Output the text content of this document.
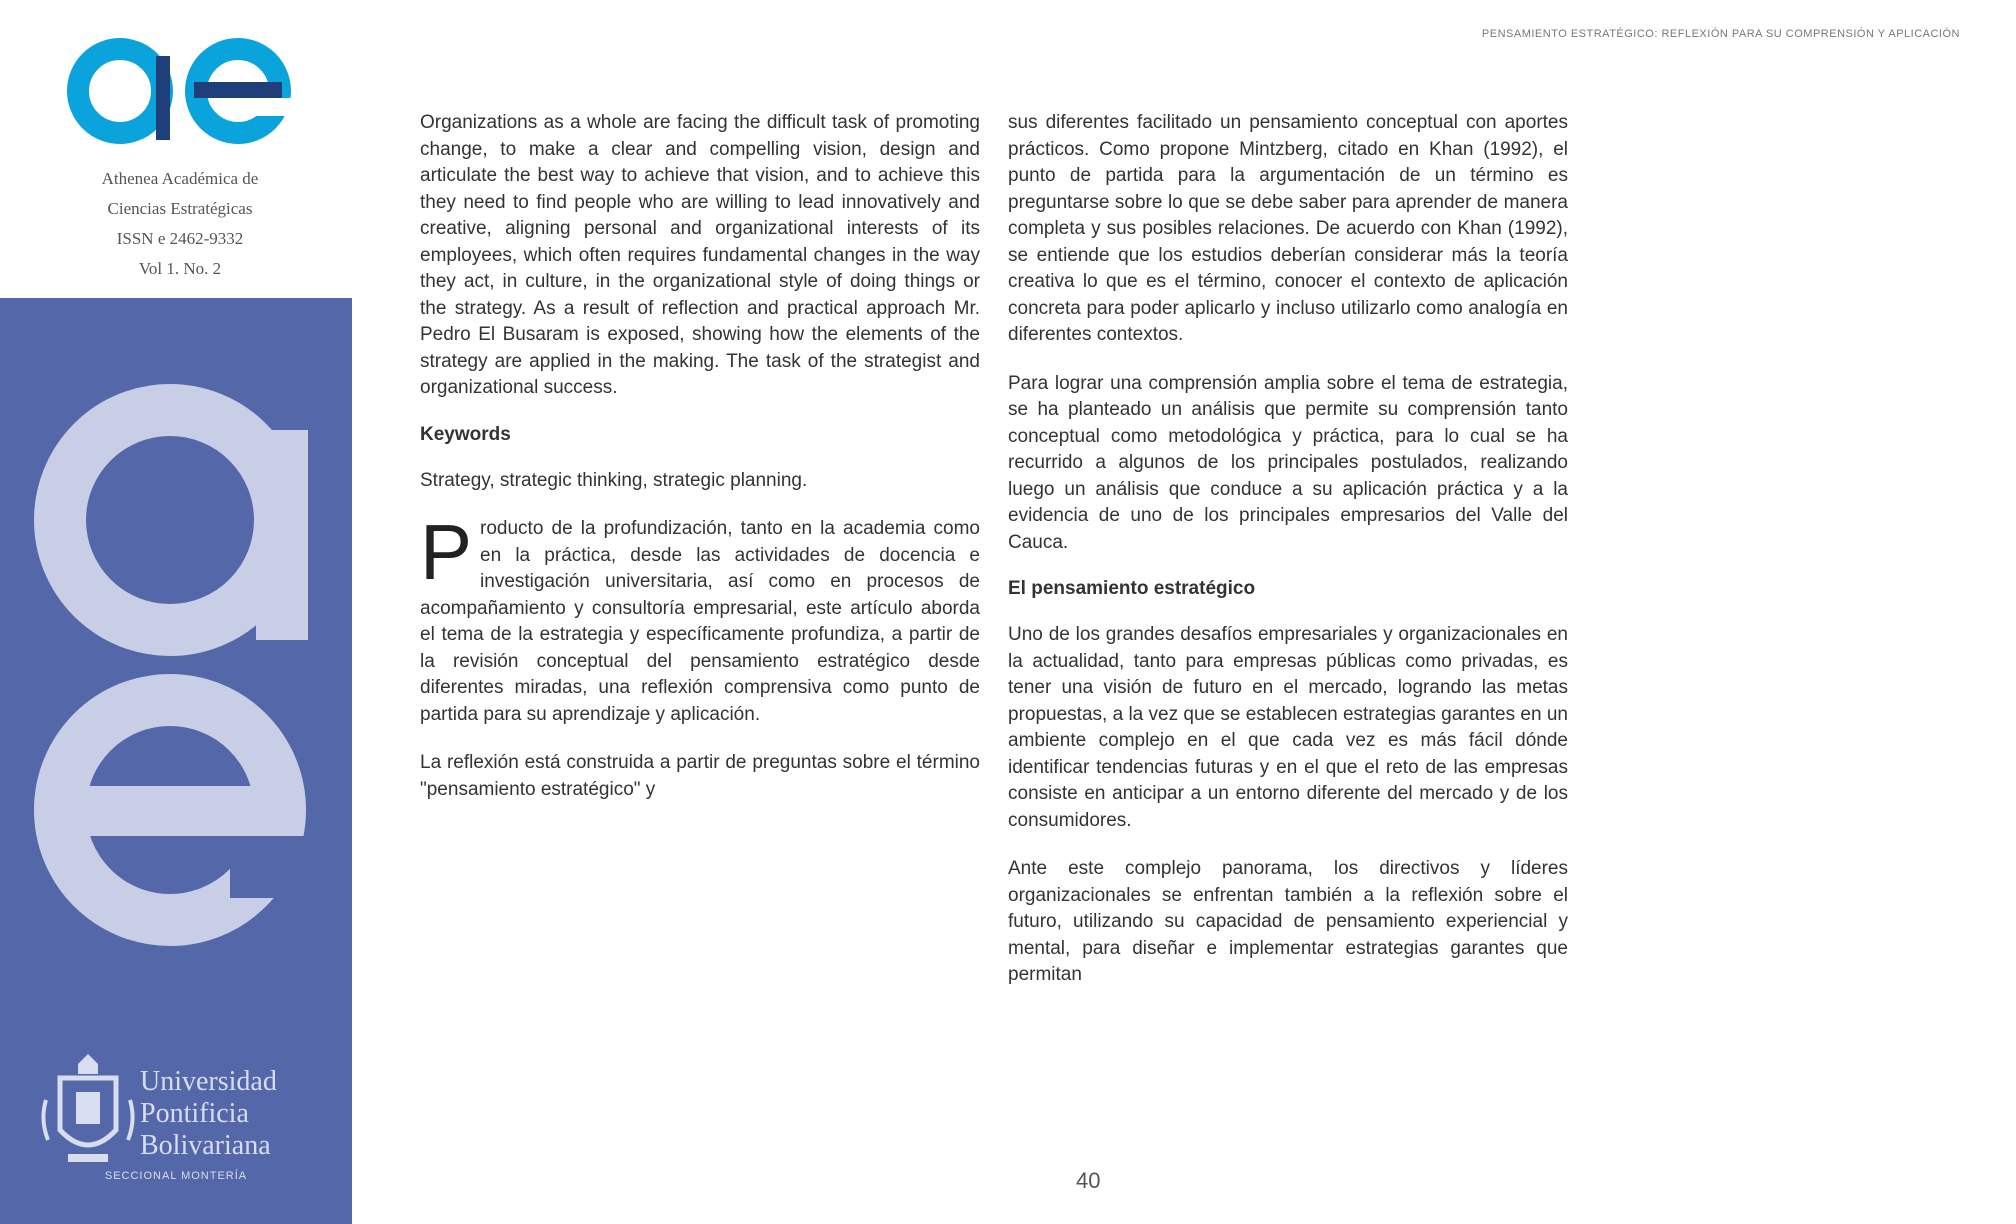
PENSAMIENTO ESTRATÉGICO: REFLEXIÓN PARA SU COMPRENSIÓN Y APLICACIÓN
Athenea Académica de
Ciencias Estratégicas
ISSN e 2462-9332
Vol 1. No. 2
Universidad
Pontificia
Bolivariana
SECCIONAL MONTERÍA

Organizations as a whole are facing the difficult task of promoting change, to make a clear and compelling vision, design and articulate the best way to achieve that vision, and to achieve this they need to find people who are willing to lead innovatively and creative, aligning personal and organizational interests of its employees, which often requires fundamental changes in the way they act, in culture, in the organizational style of doing things or the strategy. As a result of reflection and practical approach Mr. Pedro El Busaram is exposed, showing how the elements of the strategy are applied in the making. The task of the strategist and organizational success.

Keywords

Strategy, strategic thinking, strategic planning.

P roducto de la profundización, tanto en la academia como en la práctica, desde las actividades de docencia e investigación universitaria, así como en procesos de acompañamiento y consultoría empresarial, este artículo aborda el tema de la estrategia y específicamente profundiza, a partir de la revisión conceptual del pensamiento estratégico desde diferentes miradas, una reflexión comprensiva como punto de partida para su aprendizaje y aplicación.

La reflexión está construida a partir de preguntas sobre el término "pensamiento estratégico" y

sus diferentes facilitado un pensamiento conceptual con aportes prácticos. Como propone Mintzberg, citado en Khan (1992), el punto de partida para la argumentación de un término es preguntarse sobre lo que se debe saber para aprender de manera completa y sus posibles relaciones. De acuerdo con Khan (1992), se entiende que los estudios deberían considerar más la teoría creativa lo que es el término, conocer el contexto de aplicación concreta para poder aplicarlo y incluso utilizarlo como analogía en diferentes contextos.

Para lograr una comprensión amplia sobre el tema de estrategia, se ha planteado un análisis que permite su comprensión tanto conceptual como metodológica y práctica, para lo cual se ha recurrido a algunos de los principales postulados, realizando luego un análisis que conduce a su aplicación práctica y a la evidencia de uno de los principales empresarios del Valle del Cauca.

El pensamiento estratégico

Uno de los grandes desafíos empresariales y organizacionales en la actualidad, tanto para empresas públicas como privadas, es tener una visión de futuro en el mercado, logrando las metas propuestas, a la vez que se establecen estrategias garantes en un ambiente complejo en el que cada vez es más fácil dónde identificar tendencias futuras y en el que el reto de las empresas consiste en anticipar a un entorno diferente del mercado y de los consumidores.

Ante este complejo panorama, los directivos y líderes organizacionales se enfrentan también a la reflexión sobre el futuro, utilizando su capacidad de pensamiento experiencial y mental, para diseñar e implementar estrategias garantes que permitan

40
